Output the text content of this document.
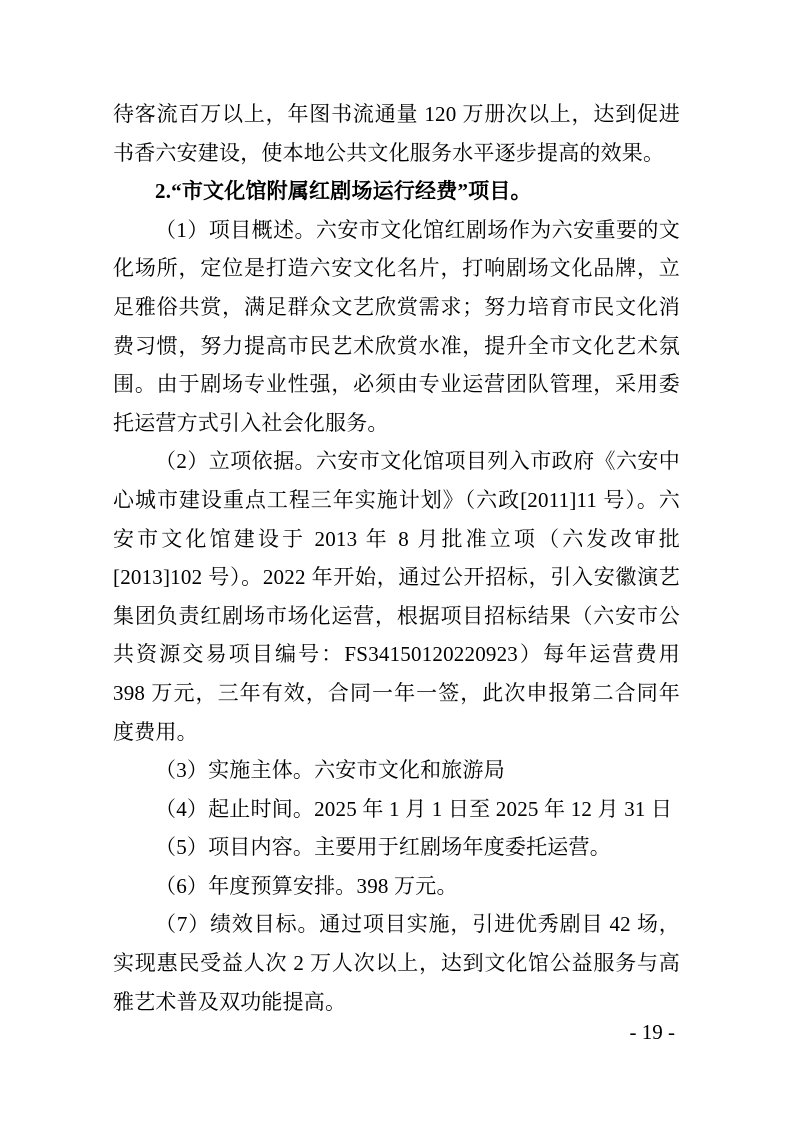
待客流百万以上，年图书流通量 120 万册次以上，达到促进书香六安建设，使本地公共文化服务水平逐步提高的效果。

2.“市文化馆附属红剧场运行经费”项目。

（1）项目概述。六安市文化馆红剧场作为六安重要的文化场所，定位是打造六安文化名片，打响剧场文化品牌，立足雅俗共赏，满足群众文艺欣赏需求；努力培育市民文化消费习惯，努力提高市民艺术欣赏水准，提升全市文化艺术氛围。由于剧场专业性强，必须由专业运营团队管理，采用委托运营方式引入社会化服务。

（2）立项依据。六安市文化馆项目列入市政府《六安中心城市建设重点工程三年实施计划》（六政[2011]11 号）。六安市文化馆建设于 2013 年 8 月批准立项（六发改审批[2013]102 号）。2022 年开始，通过公开招标，引入安徽演艺集团负责红剧场市场化运营，根据项目招标结果（六安市公共资源交易项目编号：FS34150120220923）每年运营费用 398 万元，三年有效，合同一年一签，此次申报第二合同年度费用。

（3）实施主体。六安市文化和旅游局

（4）起止时间。2025 年 1 月 1 日至 2025 年 12 月 31 日

（5）项目内容。主要用于红剧场年度委托运营。

（6）年度预算安排。398 万元。

（7）绩效目标。通过项目实施，引进优秀剧目 42 场，实现惠民受益人次 2 万人次以上，达到文化馆公益服务与高雅艺术普及双功能提高。

- 19 -
